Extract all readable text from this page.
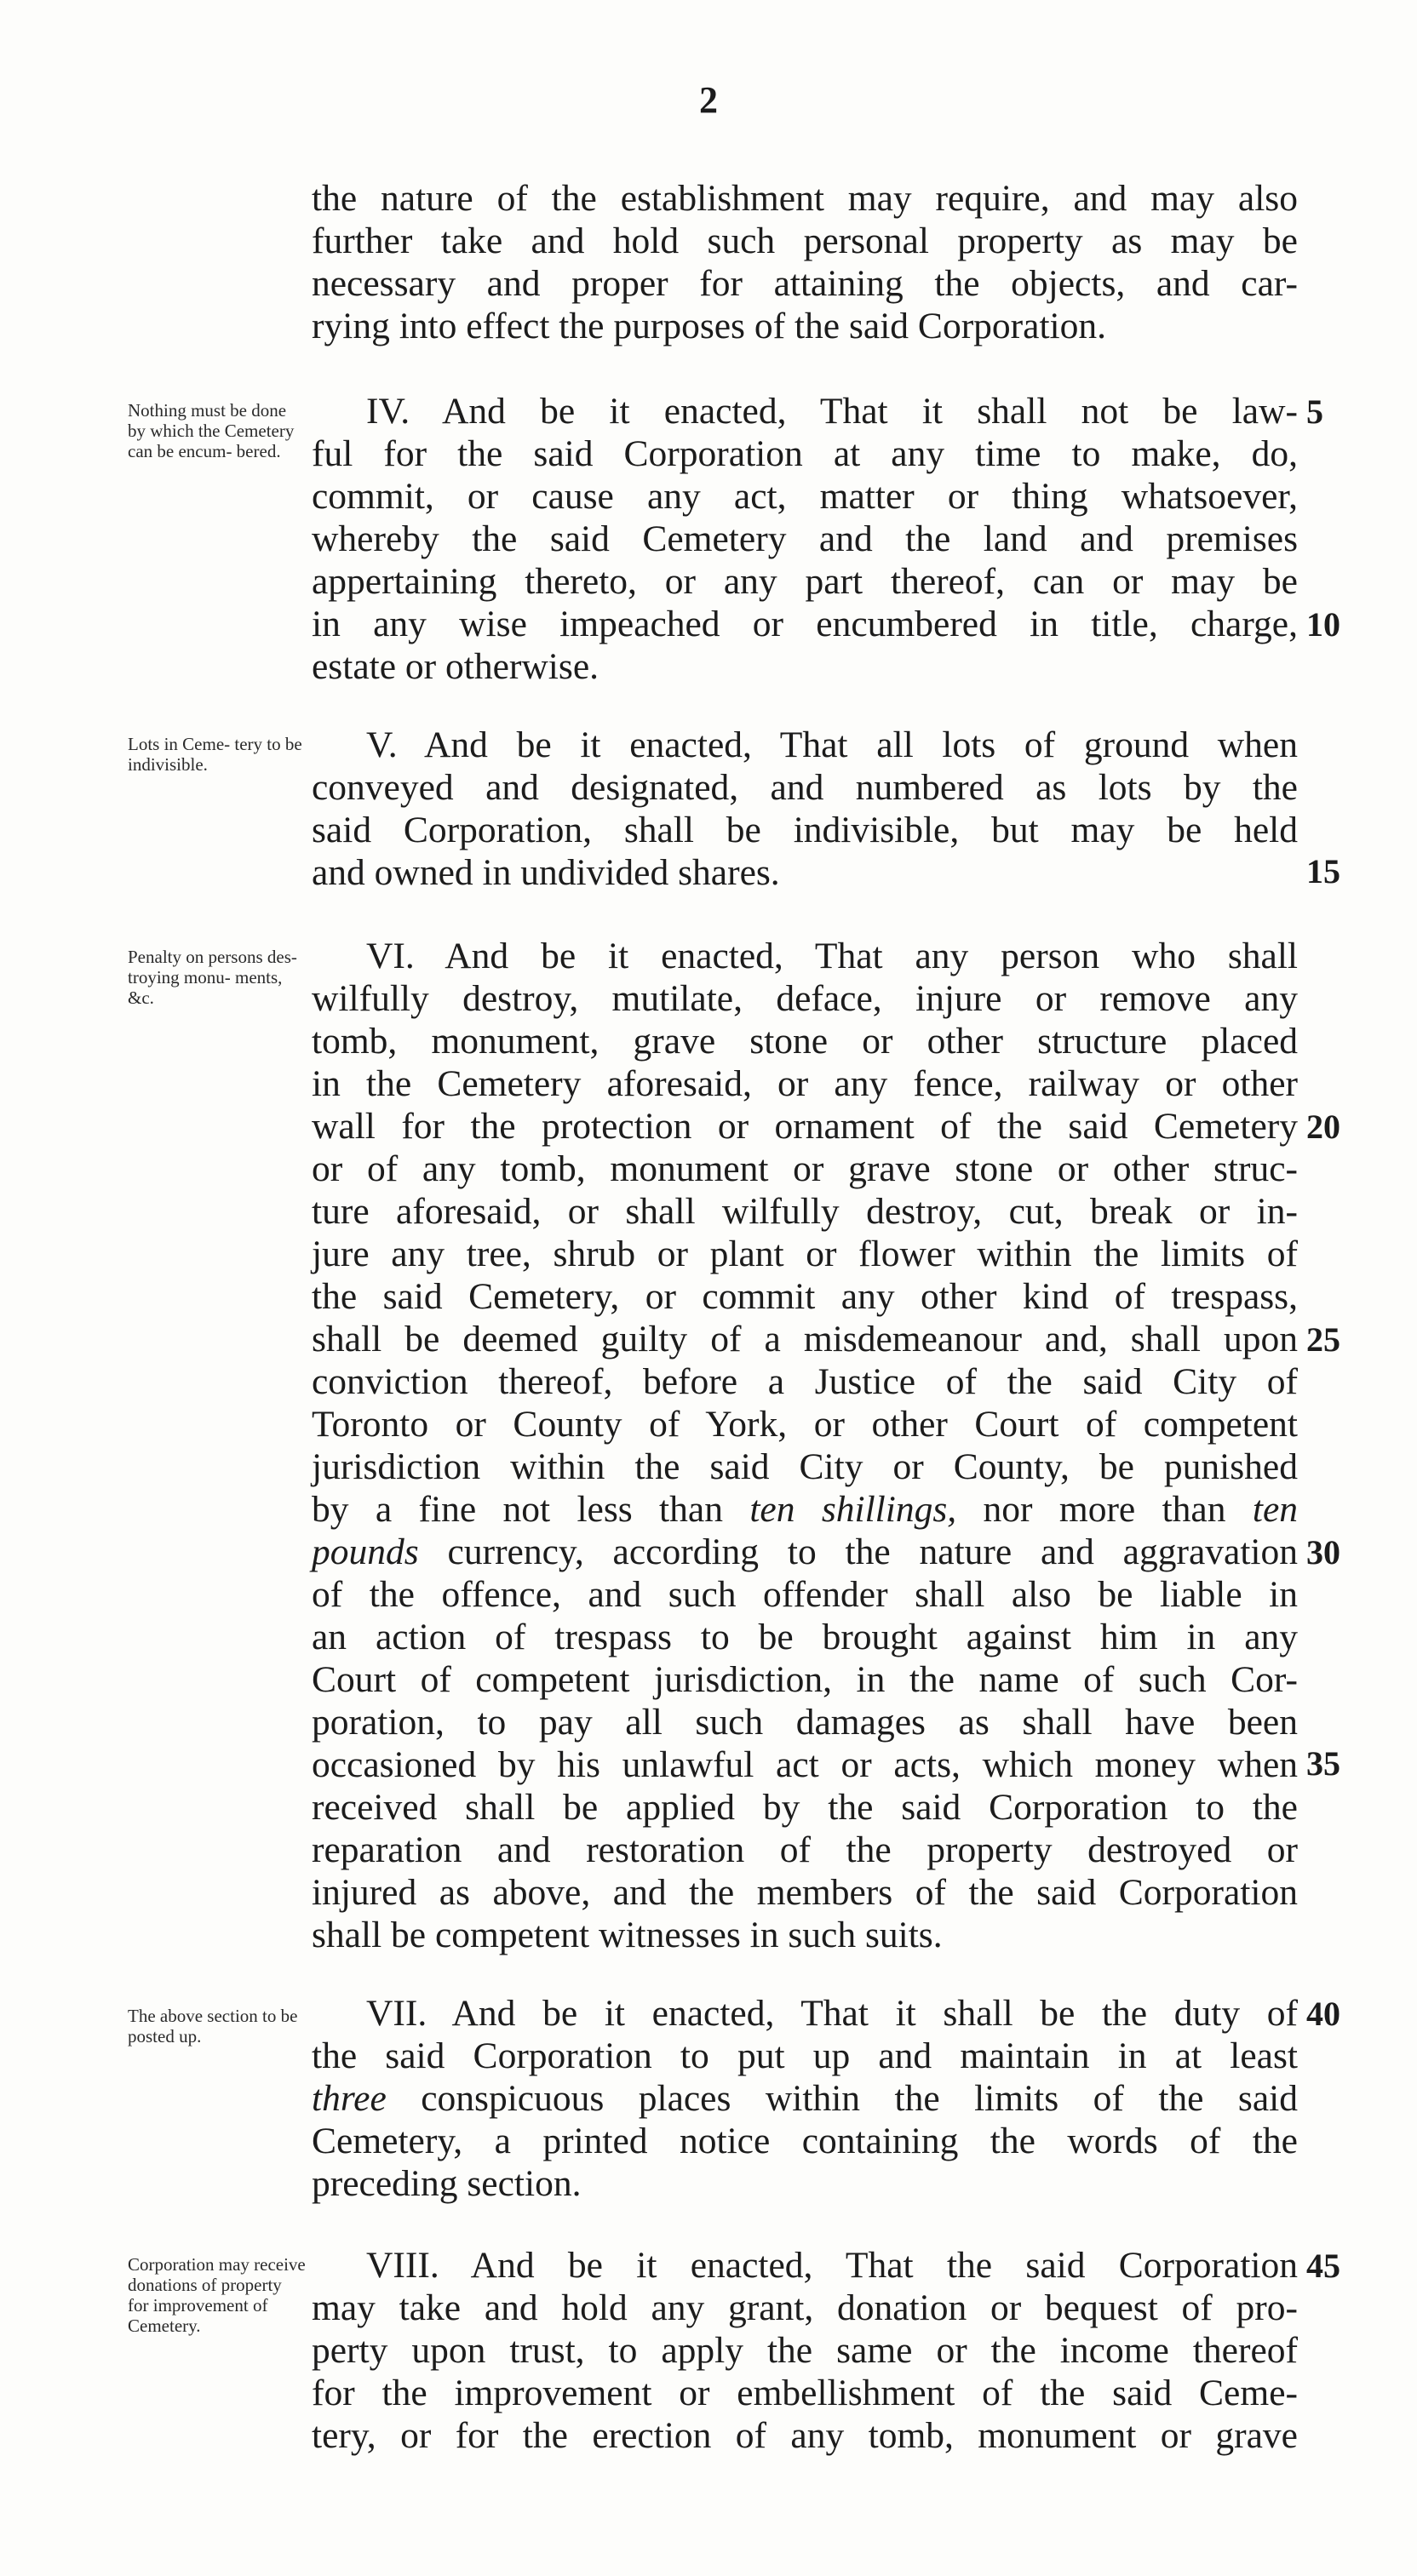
2
the nature of the establishment may require, and may also
further take and hold such personal property as may be
necessary and proper for attaining the objects, and car-
rying into effect the purposes of the said Corporation.
Nothing must be done by which the Cemetery can be encum- bered.
IV. And be it enacted, That it shall not be law-
ful for the said Corporation at any time to make, do,
commit, or cause any act, matter or thing whatsoever,
whereby the said Cemetery and the land and premises
appertaining thereto, or any part thereof, can or may be
in any wise impeached or encumbered in title, charge,
estate or otherwise.
Lots in Ceme- tery to be indivisible.	V. And be it enacted, That all lots of ground when
conveyed and designated, and numbered as lots by the
said Corporation, shall be indivisible, but may be held
and owned in undivided shares.
Penalty on persons des- troying monu- ments, &c.
VI. And be it enacted, That any person who shall
wilfully destroy, mutilate, deface, injure or remove any
tomb, monument, grave stone or other structure placed
in the Cemetery aforesaid, or any fence, railway or other
wall for the protection or ornament of the said Cemetery
or of any tomb, monument or grave stone or other struc-
ture aforesaid, or shall wilfully destroy, cut, break or in-
jure any tree, shrub or plant or flower within the limits of
the said Cemetery, or commit any other kind of trespass,
shall be deemed guilty of a misdemeanour and, shall upon
conviction thereof, before a Justice of the said City of
Toronto or County of York, or other Court of competent
jurisdiction within the said City or County, be punished
by a fine not less than ten shillings, nor more than ten
pounds currency, according to the nature and aggravation
of the offence, and such offender shall also be liable in
an action of trespass to be brought against him in any
Court of competent jurisdiction, in the name of such Cor-
poration, to pay all such damages as shall have been
occasioned by his unlawful act or acts, which money when
received shall be applied by the said Corporation to the
reparation and restoration of the property destroyed or
injured as above, and the members of the said Corporation
shall be competent witnesses in such suits.
The above section to be posted up.
VII. And be it enacted, That it shall be the duty of
the said Corporation to put up and maintain in at least
three conspicuous places within the limits of the said
Cemetery, a printed notice containing the words of the
preceding section.
Corporation may receive donations of property for improvement of Cemetery.
VIII. And be it enacted, That the said Corporation
may take and hold any grant, donation or bequest of pro-
perty upon trust, to apply the same or the income thereof
for the improvement or embellishment of the said Ceme-
tery, or for the erection of any tomb, monument or grave
5
10
15
20
25
30
35
40
45
